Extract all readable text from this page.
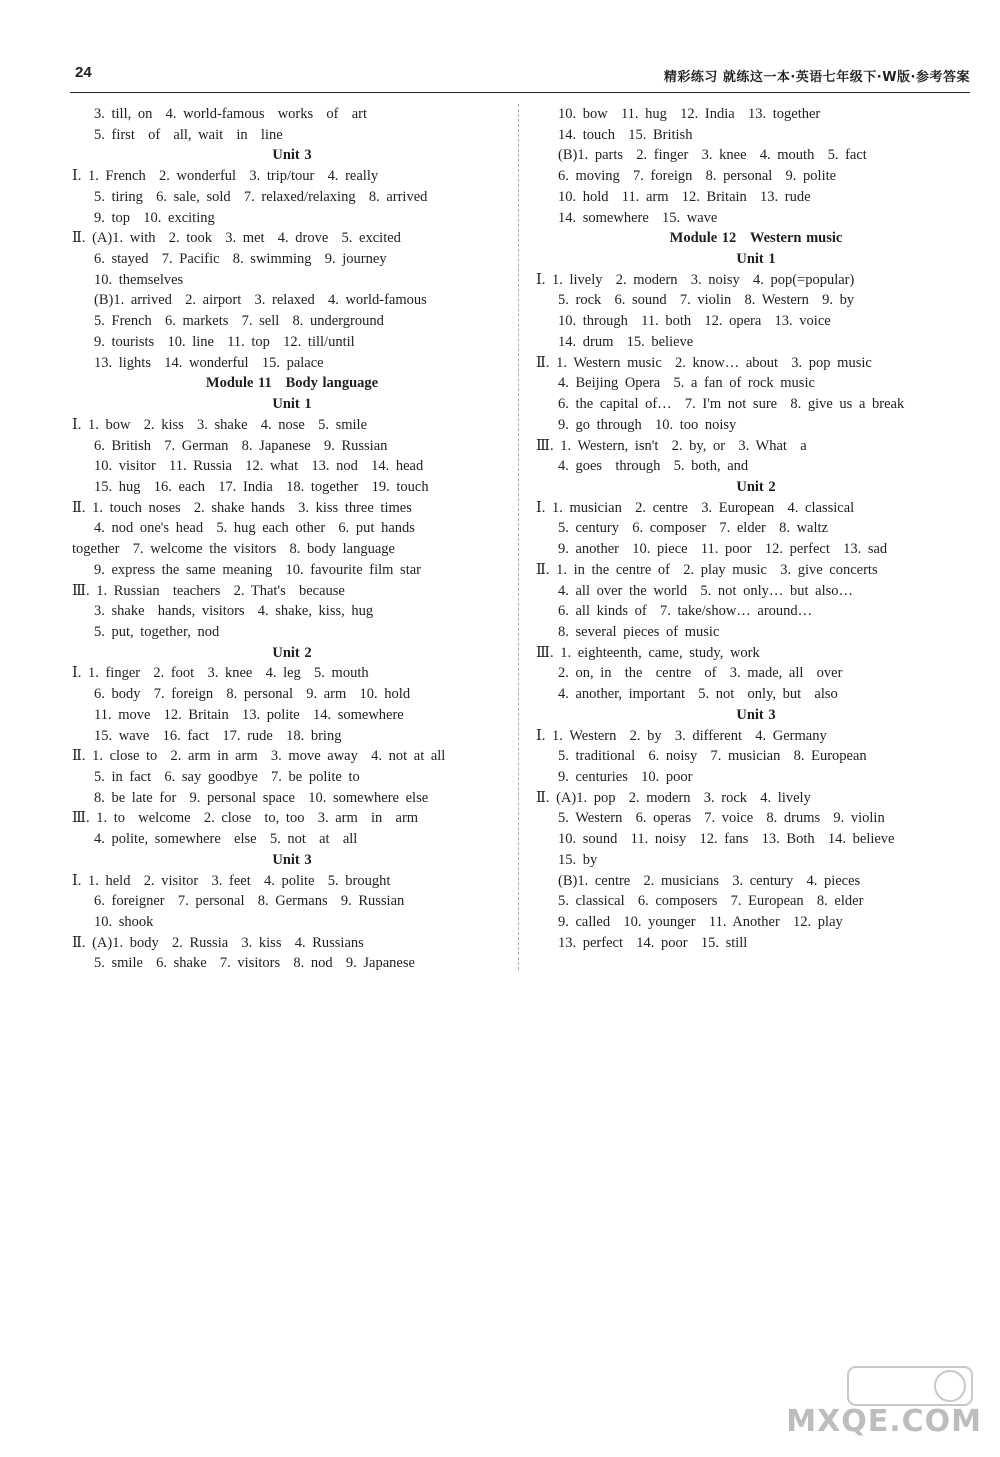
24	精彩练习 就练这一本·英语七年级下·W版·参考答案
3. till, on  4. world-famous  works  of  art
5. first  of  all, wait  in  line
Unit 3
Ⅰ. 1. French  2. wonderful  3. trip/tour  4. really
5. tiring  6. sale, sold  7. relaxed/relaxing  8. arrived
9. top  10. exciting
Ⅱ. (A)1. with  2. took  3. met  4. drove  5. excited
6. stayed  7. Pacific  8. swimming  9. journey
10. themselves
(B)1. arrived  2. airport  3. relaxed  4. world-famous
5. French  6. markets  7. sell  8. underground
9. tourists  10. line  11. top  12. till/until
13. lights  14. wonderful  15. palace
Module 11   Body language
Unit 1
Ⅰ. 1. bow  2. kiss  3. shake  4. nose  5. smile
6. British  7. German  8. Japanese  9. Russian
10. visitor  11. Russia  12. what  13. nod  14. head
15. hug  16. each  17. India  18. together  19. touch
Ⅱ. 1. touch noses  2. shake hands  3. kiss three times
4. nod one's head  5. hug each other  6. put hands
together  7. welcome the visitors  8. body language
9. express the same meaning  10. favourite film star
Ⅲ. 1. Russian  teachers  2. That's  because
3. shake  hands, visitors  4. shake, kiss, hug
5. put, together, nod
Unit 2
Ⅰ. 1. finger  2. foot  3. knee  4. leg  5. mouth
6. body  7. foreign  8. personal  9. arm  10. hold
11. move  12. Britain  13. polite  14. somewhere
15. wave  16. fact  17. rude  18. bring
Ⅱ. 1. close to  2. arm in arm  3. move away  4. not at all
5. in fact  6. say goodbye  7. be polite to
8. be late for  9. personal space  10. somewhere else
Ⅲ. 1. to  welcome  2. close  to, too  3. arm  in  arm
4. polite, somewhere  else  5. not  at  all
Unit 3
Ⅰ. 1. held  2. visitor  3. feet  4. polite  5. brought
6. foreigner  7. personal  8. Germans  9. Russian
10. shook
Ⅱ. (A)1. body  2. Russia  3. kiss  4. Russians
5. smile  6. shake  7. visitors  8. nod  9. Japanese
10. bow  11. hug  12. India  13. together
14. touch  15. British
(B)1. parts  2. finger  3. knee  4. mouth  5. fact
6. moving  7. foreign  8. personal  9. polite
10. hold  11. arm  12. Britain  13. rude
14. somewhere  15. wave
Module 12   Western music
Unit 1
Ⅰ. 1. lively  2. modern  3. noisy  4. pop(=popular)
5. rock  6. sound  7. violin  8. Western  9. by
10. through  11. both  12. opera  13. voice
14. drum  15. believe
Ⅱ. 1. Western music  2. know… about  3. pop music
4. Beijing Opera  5. a fan of rock music
6. the capital of…  7. I'm not sure  8. give us a break
9. go through  10. too noisy
Ⅲ. 1. Western, isn't  2. by, or  3. What  a
4. goes  through  5. both, and
Unit 2
Ⅰ. 1. musician  2. centre  3. European  4. classical
5. century  6. composer  7. elder  8. waltz
9. another  10. piece  11. poor  12. perfect  13. sad
Ⅱ. 1. in the centre of  2. play music  3. give concerts
4. all over the world  5. not only… but also…
6. all kinds of  7. take/show… around…
8. several pieces of music
Ⅲ. 1. eighteenth, came, study, work
2. on, in  the  centre  of  3. made, all  over
4. another, important  5. not  only, but  also
Unit 3
Ⅰ. 1. Western  2. by  3. different  4. Germany
5. traditional  6. noisy  7. musician  8. European
9. centuries  10. poor
Ⅱ. (A)1. pop  2. modern  3. rock  4. lively
5. Western  6. operas  7. voice  8. drums  9. violin
10. sound  11. noisy  12. fans  13. Both  14. believe
15. by
(B)1. centre  2. musicians  3. century  4. pieces
5. classical  6. composers  7. European  8. elder
9. called  10. younger  11. Another  12. play
13. perfect  14. poor  15. still
MXQE.COM
